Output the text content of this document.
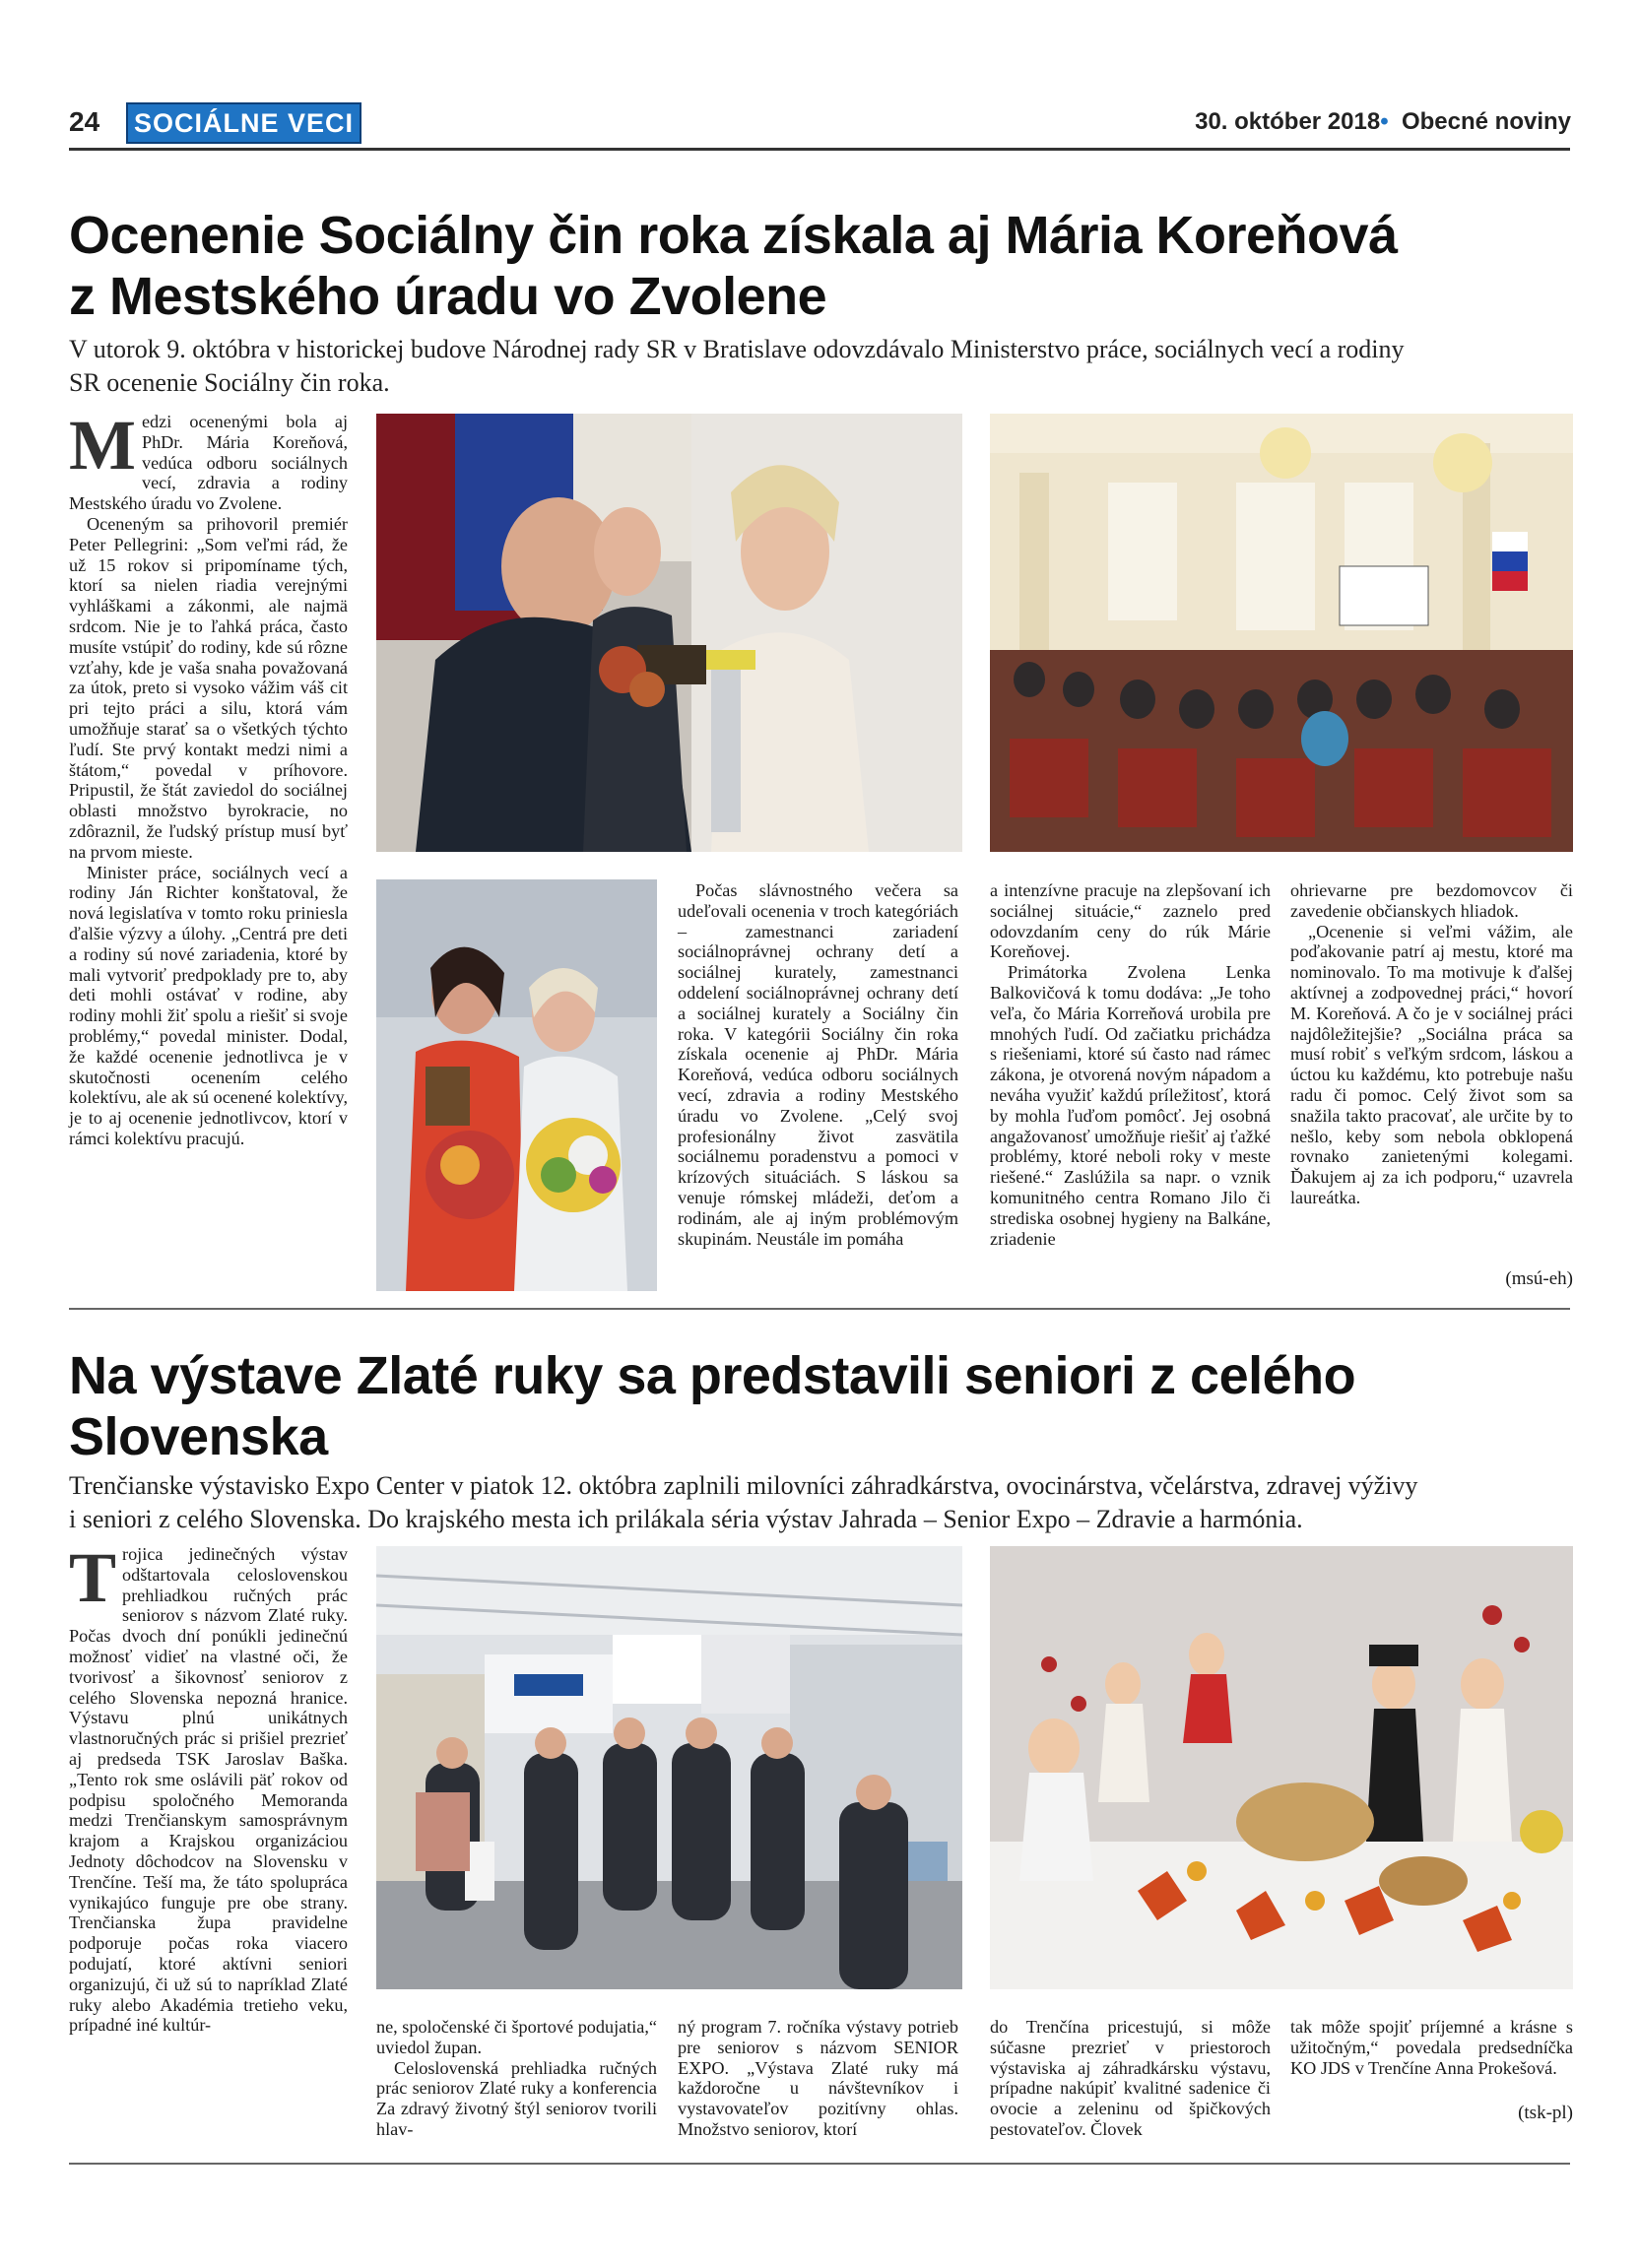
24 SOCIÁLNE VECI	30. október 2018• Obecné noviny
Ocenenie Sociálny čin roka získala aj Mária Koreňová
z Mestského úradu vo Zvolene
V utorok 9. októbra v historickej budove Národnej rady SR v Bratislave odovzdávalo Ministerstvo práce, sociálnych vecí a rodiny
SR ocenenie Sociálny čin roka.
M edzi ocenenými bola aj PhDr. Mária Koreňová, vedúca odboru sociálnych vecí, zdravia a rodiny Mestského úradu vo Zvolene.

Oceneným sa prihovoril premiér Peter Pellegrini: „Som veľmi rád, že už 15 rokov si pripomíname tých, ktorí sa nielen riadia verejnými vyhláškami a zákonmi, ale najmä srdcom. Nie je to ľahká práca, často musíte vstúpiť do rodiny, kde sú rôzne vzťahy, kde je vaša snaha považovaná za útok, preto si vysoko vážim váš cit pri tejto práci a silu, ktorá vám umožňuje starať sa o všetkých týchto ľudí. Ste prvý kontakt medzi nimi a štátom,“ povedal v príhovore. Pripustil, že štát zaviedol do sociálnej oblasti množstvo byrokracie, no zdôraznil, že ľudský prístup musí byť na prvom mieste.

Minister práce, sociálnych vecí a rodiny Ján Richter konštatoval, že nová legislatíva v tomto roku priniesla ďalšie výzvy a úlohy. „Centrá pre deti a rodiny sú nové zariadenia, ktoré by mali vytvoriť predpoklady pre to, aby deti mohli ostávať v rodine, aby rodiny mohli žiť spolu a riešiť si svoje problémy,“ povedal minister. Dodal, že každé ocenenie jednotlivca je v skutočnosti ocenením celého kolektívu, ale ak sú ocenené kolektívy, je to aj ocenenie jednotlivcov, ktorí v rámci kolektívu pracujú.

Počas slávnostného večera sa udeľovali ocenenia v troch kategóriách – zamestnanci zariadení sociálnoprávnej ochrany detí a sociálnej kurately, zamestnanci oddelení sociálnoprávnej ochrany detí a sociálnej kurately a Sociálny čin roka. V kategórii Sociálny čin roka získala ocenenie aj PhDr. Mária Koreňová, vedúca odboru sociálnych vecí, zdravia a rodiny Mestského úradu vo Zvolene. „Celý svoj profesionálny život zasvätila sociálnemu poradenstvu a pomoci v krízových situáciách. S láskou sa venuje rómskej mládeži, deťom a rodinám, ale aj iným problémovým skupinám. Neustále im pomáha

a intenzívne pracuje na zlepšovaní ich sociálnej situácie,“ zaznelo pred odovzdaním ceny do rúk Márie Koreňovej.

Primátorka Zvolena Lenka Balkovičová k tomu dodáva: „Je toho veľa, čo Mária Korreňová urobila pre mnohých ľudí. Od začiatku prichádza s riešeniami, ktoré sú často nad rámec zákona, je otvorená novým nápadom a neváha využiť každú príležitosť, ktorá by mohla ľuďom pomôcť. Jej osobná angažovanosť umožňuje riešiť aj ťažké problémy, ktoré neboli roky v meste riešené.“ Zaslúžila sa napr. o vznik komunitného centra Romano Jilo či strediska osobnej hygieny na Balkáne, zriadenie

ohrievarne pre bezdomovcov či zavedenie občianskych hliadok.

„Ocenenie si veľmi vážim, ale poďakovanie patrí aj mestu, ktoré ma nominovalo. To ma motivuje k ďalšej aktívnej a zodpovednej práci,“ hovorí M. Koreňová. A čo je v sociálnej práci najdôležitejšie? „Sociálna práca sa musí robiť s veľkým srdcom, láskou a úctou ku každému, kto potrebuje našu radu či pomoc. Celý život som sa snažila takto pracovať, ale určite by to nešlo, keby som nebola obklopená rovnako zanietenými kolegami. Ďakujem aj za ich podporu,“ uzavrela laureátka.

(msú-eh)
Na výstave Zlaté ruky sa predstavili seniori z celého
Slovenska
Trenčianske výstavisko Expo Center v piatok 12. októbra zaplnili milovníci záhradkárstva, ovocinárstva, včelárstva, zdravej výživy
i seniori z celého Slovenska. Do krajského mesta ich prilákala séria výstav Jahrada – Senior Expo – Zdravie a harmónia.
T rojica jedinečných výstav odštartovala celoslovenskou prehliadkou ručných prác seniorov s názvom Zlaté ruky. Počas dvoch dní ponúkli jedinečnú možnosť vidieť na vlastné oči, že tvorivosť a šikovnosť seniorov z celého Slovenska nepozná hranice. Výstavu plnú unikátnych vlastnoručných prác si prišiel prezrieť aj predseda TSK Jaroslav Baška. „Tento rok sme oslávili päť rokov od podpisu spoločného Memoranda medzi Trenčianskym samosprávnym krajom a Krajskou organizáciou Jednoty dôchodcov na Slovensku v Trenčíne. Teší ma, že táto spolupráca vynikajúco funguje pre obe strany. Trenčianska župa pravidelne podporuje počas roka viacero podujatí, ktoré aktívni seniori organizujú, či už sú to napríklad Zlaté ruky alebo Akadémia tretieho veku, prípadné iné kultúr-	ne, spoločenské či športové podujatia,“ uviedol župan.

Celoslovenská prehliadka ručných prác seniorov Zlaté ruky a konferencia Za zdravý životný štýl seniorov tvorili hlav-

ný program 7. ročníka výstavy potrieb pre seniorov s názvom SENIOR EXPO. „Výstava Zlaté ruky má každoročne u návštevníkov i vystavovateľov pozitívny ohlas. Množstvo seniorov, ktorí

do Trenčína pricestujú, si môže súčasne prezrieť v priestoroch výstaviska aj záhradkársku výstavu, prípadne nakúpiť kvalitné sadenice či ovocie a zeleninu od špičkových pestovateľov. Človek

tak môže spojiť príjemné a krásne s užitočným,“ povedala predsedníčka KO JDS v Trenčíne Anna Prokešová.

(tsk-pl)
